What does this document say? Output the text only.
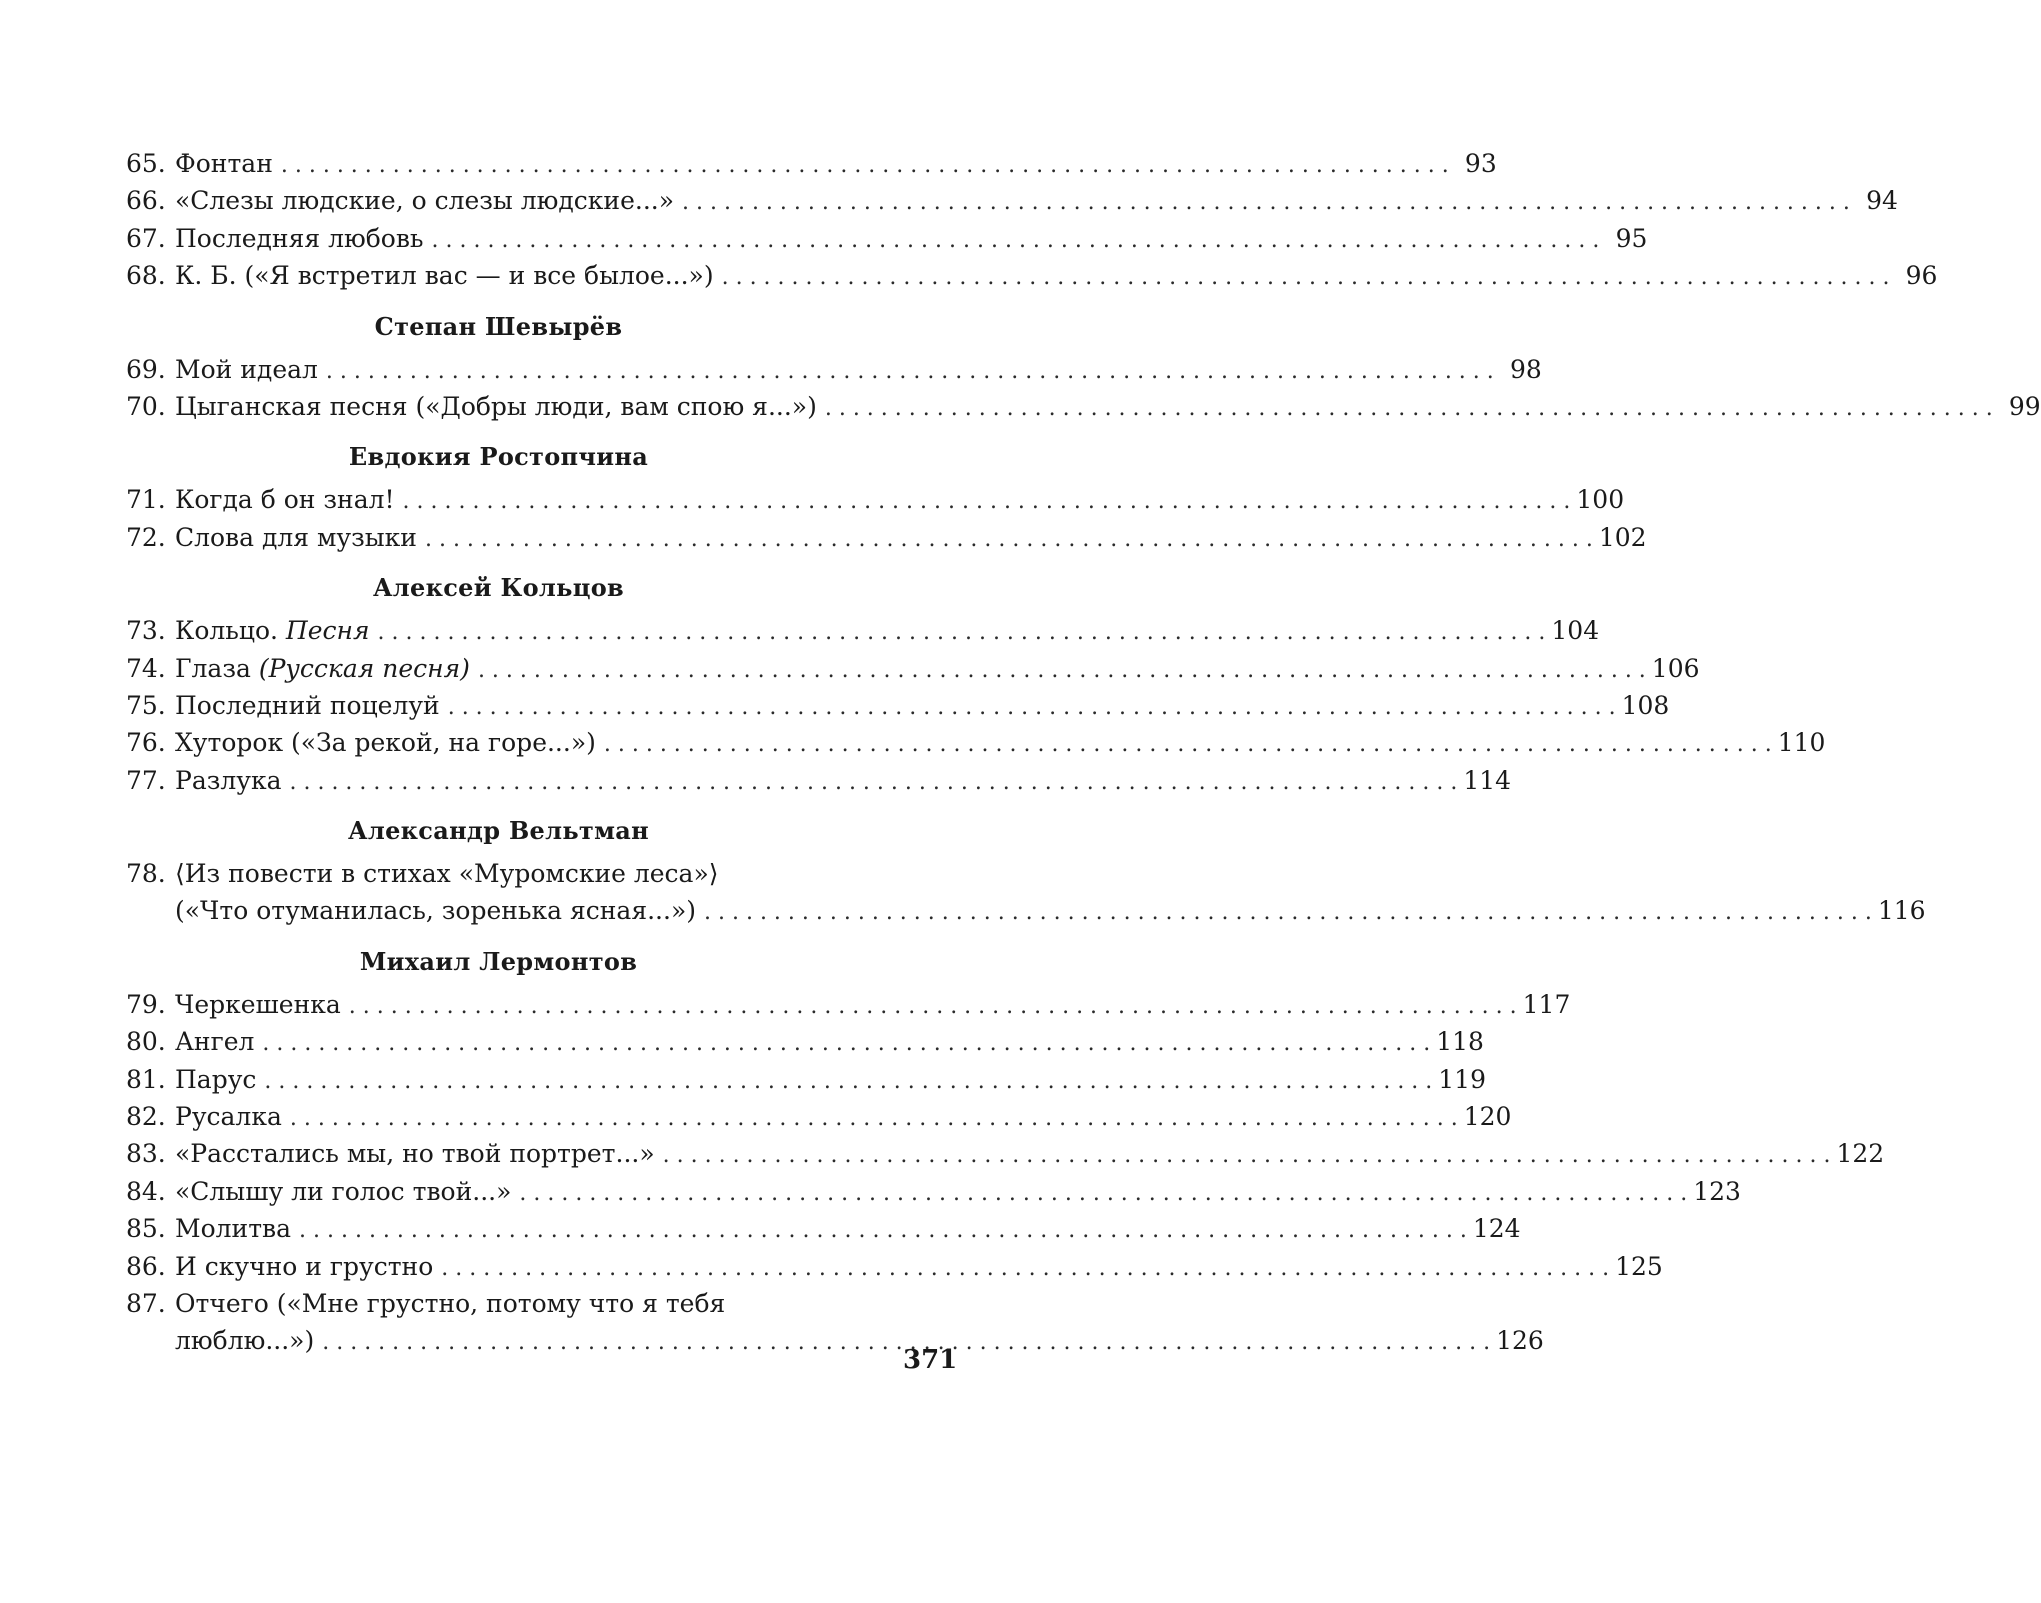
65. Фонтан . . .	93
66. «Слезы людские, о слезы людские...» . . .	94
67. Последняя любовь . . .	95
68. К. Б. («Я встретил вас — и все былое...») . . .	96
Степан Шевырёв
69. Мой идеал . . .	98
70. Цыганская песня («Добры люди, вам спою я...») . . .	99
Евдокия Ростопчина
71. Когда б он знал! . . .	100
72. Слова для музыки . . .	102
Алексей Кольцов
73. Кольцо. Песня . . .	104
74. Глаза (Русская песня) . . .	106
75. Последний поцелуй . . .	108
76. Хуторок («За рекой, на горе...») . . .	110
77. Разлука . . .	114
Александр Вельтман
78. ⟨Из повести в стихах «Муромские леса»⟩
(«Что отуманилась, зоренька ясная...») . . .	116
Михаил Лермонтов
79. Черкешенка . . .	117
80. Ангел . . .	118
81. Парус . . .	119
82. Русалка . . .	120
83. «Расстались мы, но твой портрет...» . . .	122
84. «Слышу ли голос твой...» . . .	123
85. Молитва . . .	124
86. И скучно и грустно . . .	125
87. Отчего («Мне грустно, потому что я тебя
люблю...») . . .	126
371
